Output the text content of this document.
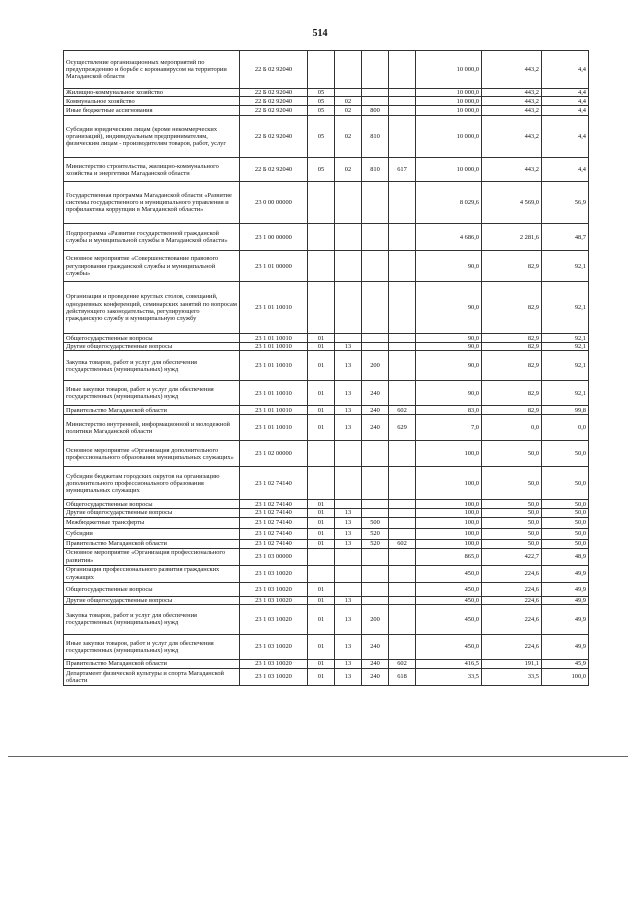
514
Осуществление организационных мероприятий по предупреждению и борьбе с коронавирусом на территории Магаданской области	22 Б 02 92040					10 000,0	443,2	4,4
Жилищно-коммунальное хозяйство	22 Б 02 92040	05				10 000,0	443,2	4,4
Коммунальное хозяйство	22 Б 02 92040	05	02			10 000,0	443,2	4,4
Иные бюджетные ассигнования	22 Б 02 92040	05	02	800		10 000,0	443,2	4,4
Субсидии юридическим лицам (кроме некоммерческих организаций), индивидуальным предпринимателям, физическим лицам - производителям товаров, работ, услуг	22 Б 02 92040	05	02	810		10 000,0	443,2	4,4
Министерство строительства, жилищно-коммунального хозяйства и энергетики Магаданской области	22 Б 02 92040	05	02	810	617	10 000,0	443,2	4,4
Государственная программа Магаданской области «Развитие системы государственного и муниципального управления и профилактика коррупции в Магаданской области»	23 0 00 00000					8 029,6	4 569,0	56,9
Подпрограмма «Развитие государственной гражданской службы и муниципальной службы в Магаданской области»	23 1 00 00000					4 686,0	2 281,6	48,7
Основное мероприятие «Совершенствование правового регулирования гражданской службы и муниципальной службы»	23 1 01 00000					90,0	82,9	92,1
Организация и проведение круглых столов, совещаний, однодневных конференций, семинарских занятий по вопросам действующего законодательства, регулирующего гражданскую службу и муниципальную службу	23 1 01 10010					90,0	82,9	92,1
Общегосударственные вопросы	23 1 01 10010	01				90,0	82,9	92,1
Другие общегосударственные вопросы	23 1 01 10010	01	13			90,0	82,9	92,1
Закупка товаров, работ и услуг для обеспечения государственных (муниципальных) нужд	23 1 01 10010	01	13	200		90,0	82,9	92,1
Иные закупки товаров, работ и услуг для обеспечения государственных (муниципальных) нужд	23 1 01 10010	01	13	240		90,0	82,9	92,1
Правительство Магаданской области	23 1 01 10010	01	13	240	602	83,0	82,9	99,8
Министерство внутренней, информационной и молодежной политики Магаданской области	23 1 01 10010	01	13	240	629	7,0	0,0	0,0
Основное мероприятие «Организация дополнительного профессионального образования муниципальных служащих»	23 1 02 00000					100,0	50,0	50,0
Субсидии бюджетам городских округов на организацию дополнительного профессионального образования муниципальных служащих	23 1 02 74140					100,0	50,0	50,0
Общегосударственные вопросы	23 1 02 74140	01				100,0	50,0	50,0
Другие общегосударственные вопросы	23 1 02 74140	01	13			100,0	50,0	50,0
Межбюджетные трансферты	23 1 02 74140	01	13	500		100,0	50,0	50,0
Субсидии	23 1 02 74140	01	13	520		100,0	50,0	50,0
Правительство Магаданской области	23 1 02 74140	01	13	520	602	100,0	50,0	50,0
Основное мероприятие «Организация профессионального развития»	23 1 03 00000					865,0	422,7	48,9
Организация профессионального развития гражданских служащих	23 1 03 10020					450,0	224,6	49,9
Общегосударственные вопросы	23 1 03 10020	01				450,0	224,6	49,9
Другие общегосударственные вопросы	23 1 03 10020	01	13			450,0	224,6	49,9
Закупка товаров, работ и услуг для обеспечения государственных (муниципальных) нужд	23 1 03 10020	01	13	200		450,0	224,6	49,9
Иные закупки товаров, работ и услуг для обеспечения государственных (муниципальных) нужд	23 1 03 10020	01	13	240		450,0	224,6	49,9
Правительство Магаданской области	23 1 03 10020	01	13	240	602	416,5	191,1	45,9
Департамент физической культуры и спорта Магаданской области	23 1 03 10020	01	13	240	618	33,5	33,5	100,0
